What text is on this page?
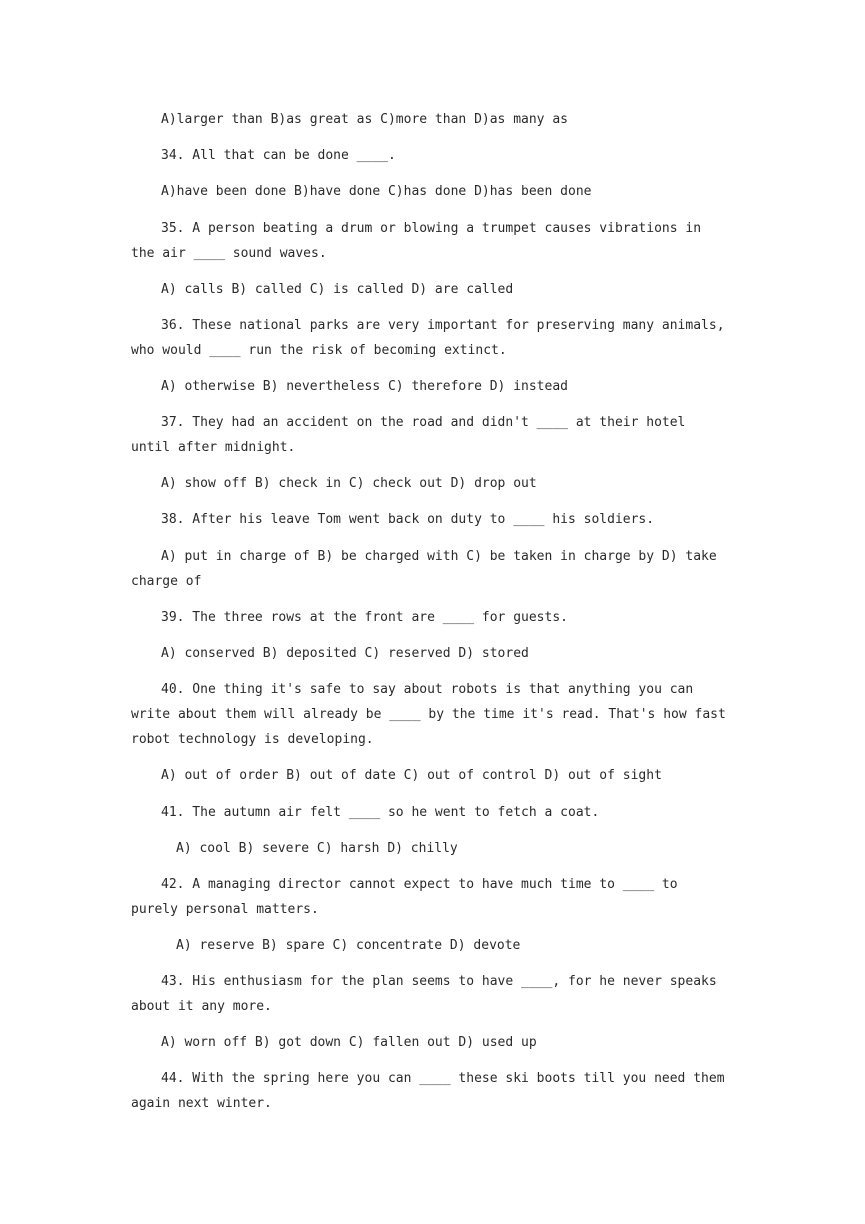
A)larger than B)as great as C)more than D)as many as

34. All that can be done ____.

A)have been done B)have done C)has done D)has been done

35. A person beating a drum or blowing a trumpet causes vibrations in the air ____ sound waves.

A) calls B) called C) is called D) are called

36. These national parks are very important for preserving many animals, who would ____ run the risk of becoming extinct.

A) otherwise B) nevertheless C) therefore D) instead

37. They had an accident on the road and didn't ____ at their hotel until after midnight.

A) show off B) check in C) check out D) drop out

38. After his leave Tom went back on duty to ____ his soldiers.

A) put in charge of B) be charged with C) be taken in charge by D) take charge of

39. The three rows at the front are ____ for guests.

A) conserved B) deposited C) reserved D) stored

40. One thing it's safe to say about robots is that anything you can write about them will already be ____ by the time it's read. That's how fast robot technology is developing.

A) out of order B) out of date C) out of control D) out of sight

41. The autumn air felt ____ so he went to fetch a coat.

A) cool B) severe C) harsh D) chilly

42. A managing director cannot expect to have much time to ____ to purely personal matters.

A) reserve B) spare C) concentrate D) devote

43. His enthusiasm for the plan seems to have ____, for he never speaks about it any more.

A) worn off B) got down C) fallen out D) used up

44. With the spring here you can ____ these ski boots till you need them again next winter.
